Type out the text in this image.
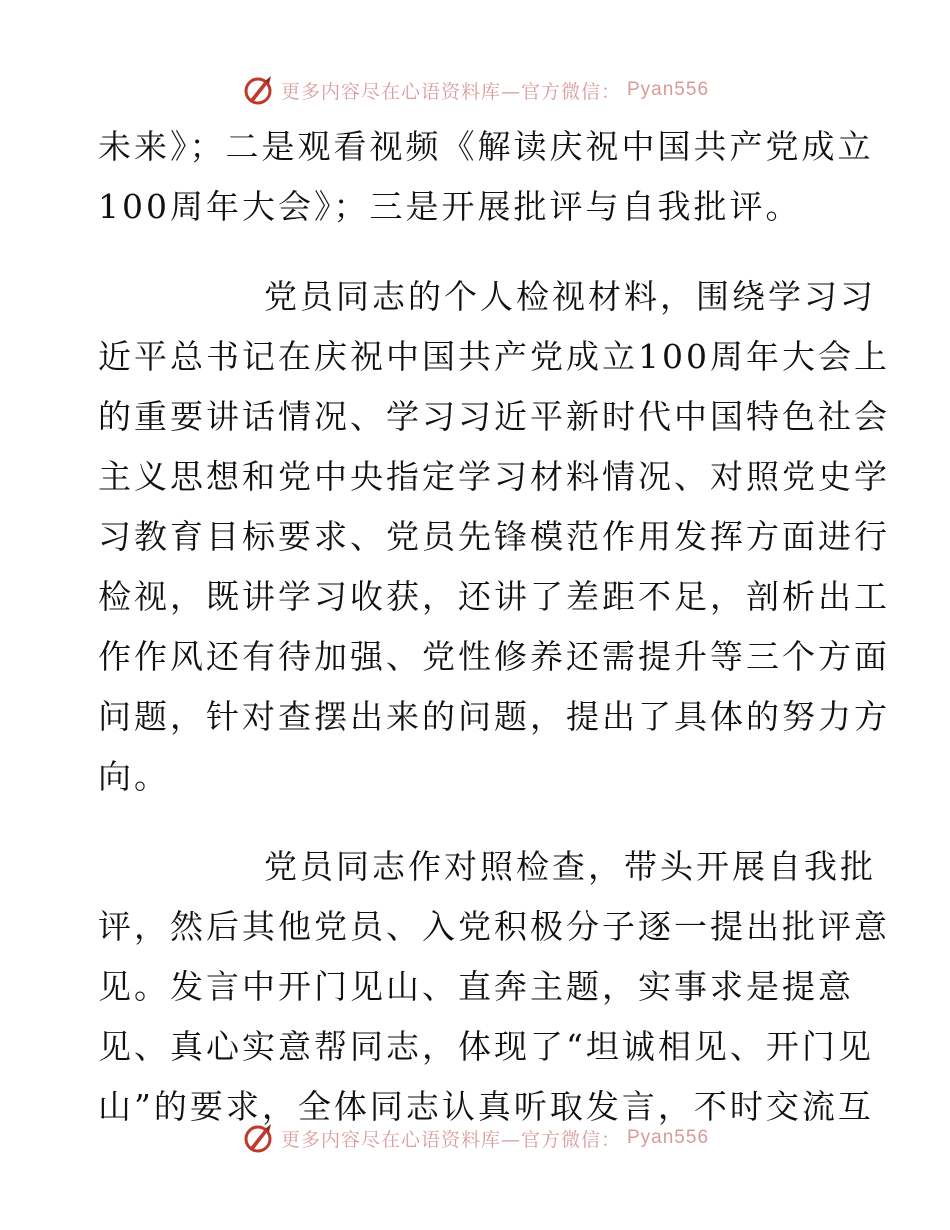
更多内容尽在心语资料库—官方微信： Pyan556
未来》；二是观看视频《解读庆祝中国共产党成立
100周年大会》；三是开展批评与自我批评。
党员同志的个人检视材料，围绕学习习
近平总书记在庆祝中国共产党成立100周年大会上
的重要讲话情况、学习习近平新时代中国特色社会
主义思想和党中央指定学习材料情况、对照党史学
习教育目标要求、党员先锋模范作用发挥方面进行
检视，既讲学习收获，还讲了差距不足，剖析出工
作作风还有待加强、党性修养还需提升等三个方面
问题，针对查摆出来的问题，提出了具体的努力方
向。
党员同志作对照检查，带头开展自我批
评，然后其他党员、入党积极分子逐一提出批评意
见。发言中开门见山、直奔主题，实事求是提意
见、真心实意帮同志，体现了“坦诚相见、开门见
山”的要求，全体同志认真听取发言，不时交流互
更多内容尽在心语资料库—官方微信： Pyan556
